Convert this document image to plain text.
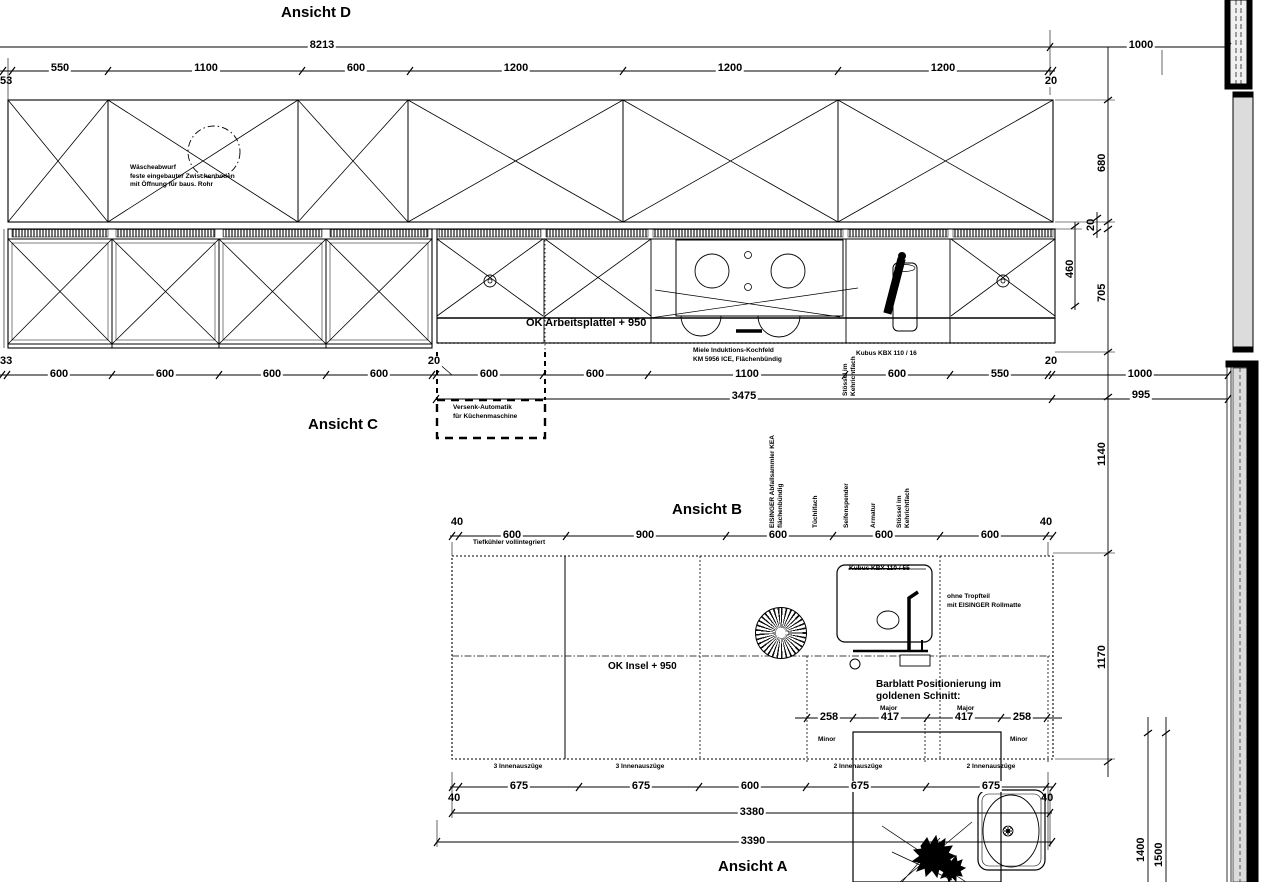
Ansicht D
Ansicht C
Ansicht B
Ansicht A
8213	1000
53
550	1100	600	1200	1200	1200
20
680
20
460
705
1140
1170
1400 1500
Wäscheabwurf
feste eingebauter Zwischenboden
mit Öffnung für baus. Rohr
OK Arbeitsplattel + 950
33
600	600	600	600
20
600	600	1100	600	550
20
1000
3475	995
Miele Induktions-Kochfeld
KM 5956 ICE, Flächenbündig
Kubus KBX 110 / 16
Stössel im Kehrichtfach
Versenk-Automatik
für Küchenmaschine
EISINGER Abfallsammler KEA flächenbündig	Tüchlifach	Seifenspender	Armatur	Stössel im Kehrichtfach
40
600	900	600	600	600
40
Tiefkühler vollintegriert
Kubus KBX 110 / 55
ohne Tropfteil
mit EISINGER Rollmatte
OK Insel + 950
Barblatt Positionierung im
goldenen Schnitt:
Major	Major
258	417	417	258
Minor	Minor
3 Innenauszüge	3 Innenauszüge	2 Innenauszüge	2 Innenauszüge
40
675	675	600	675	675
40
3380
3390
